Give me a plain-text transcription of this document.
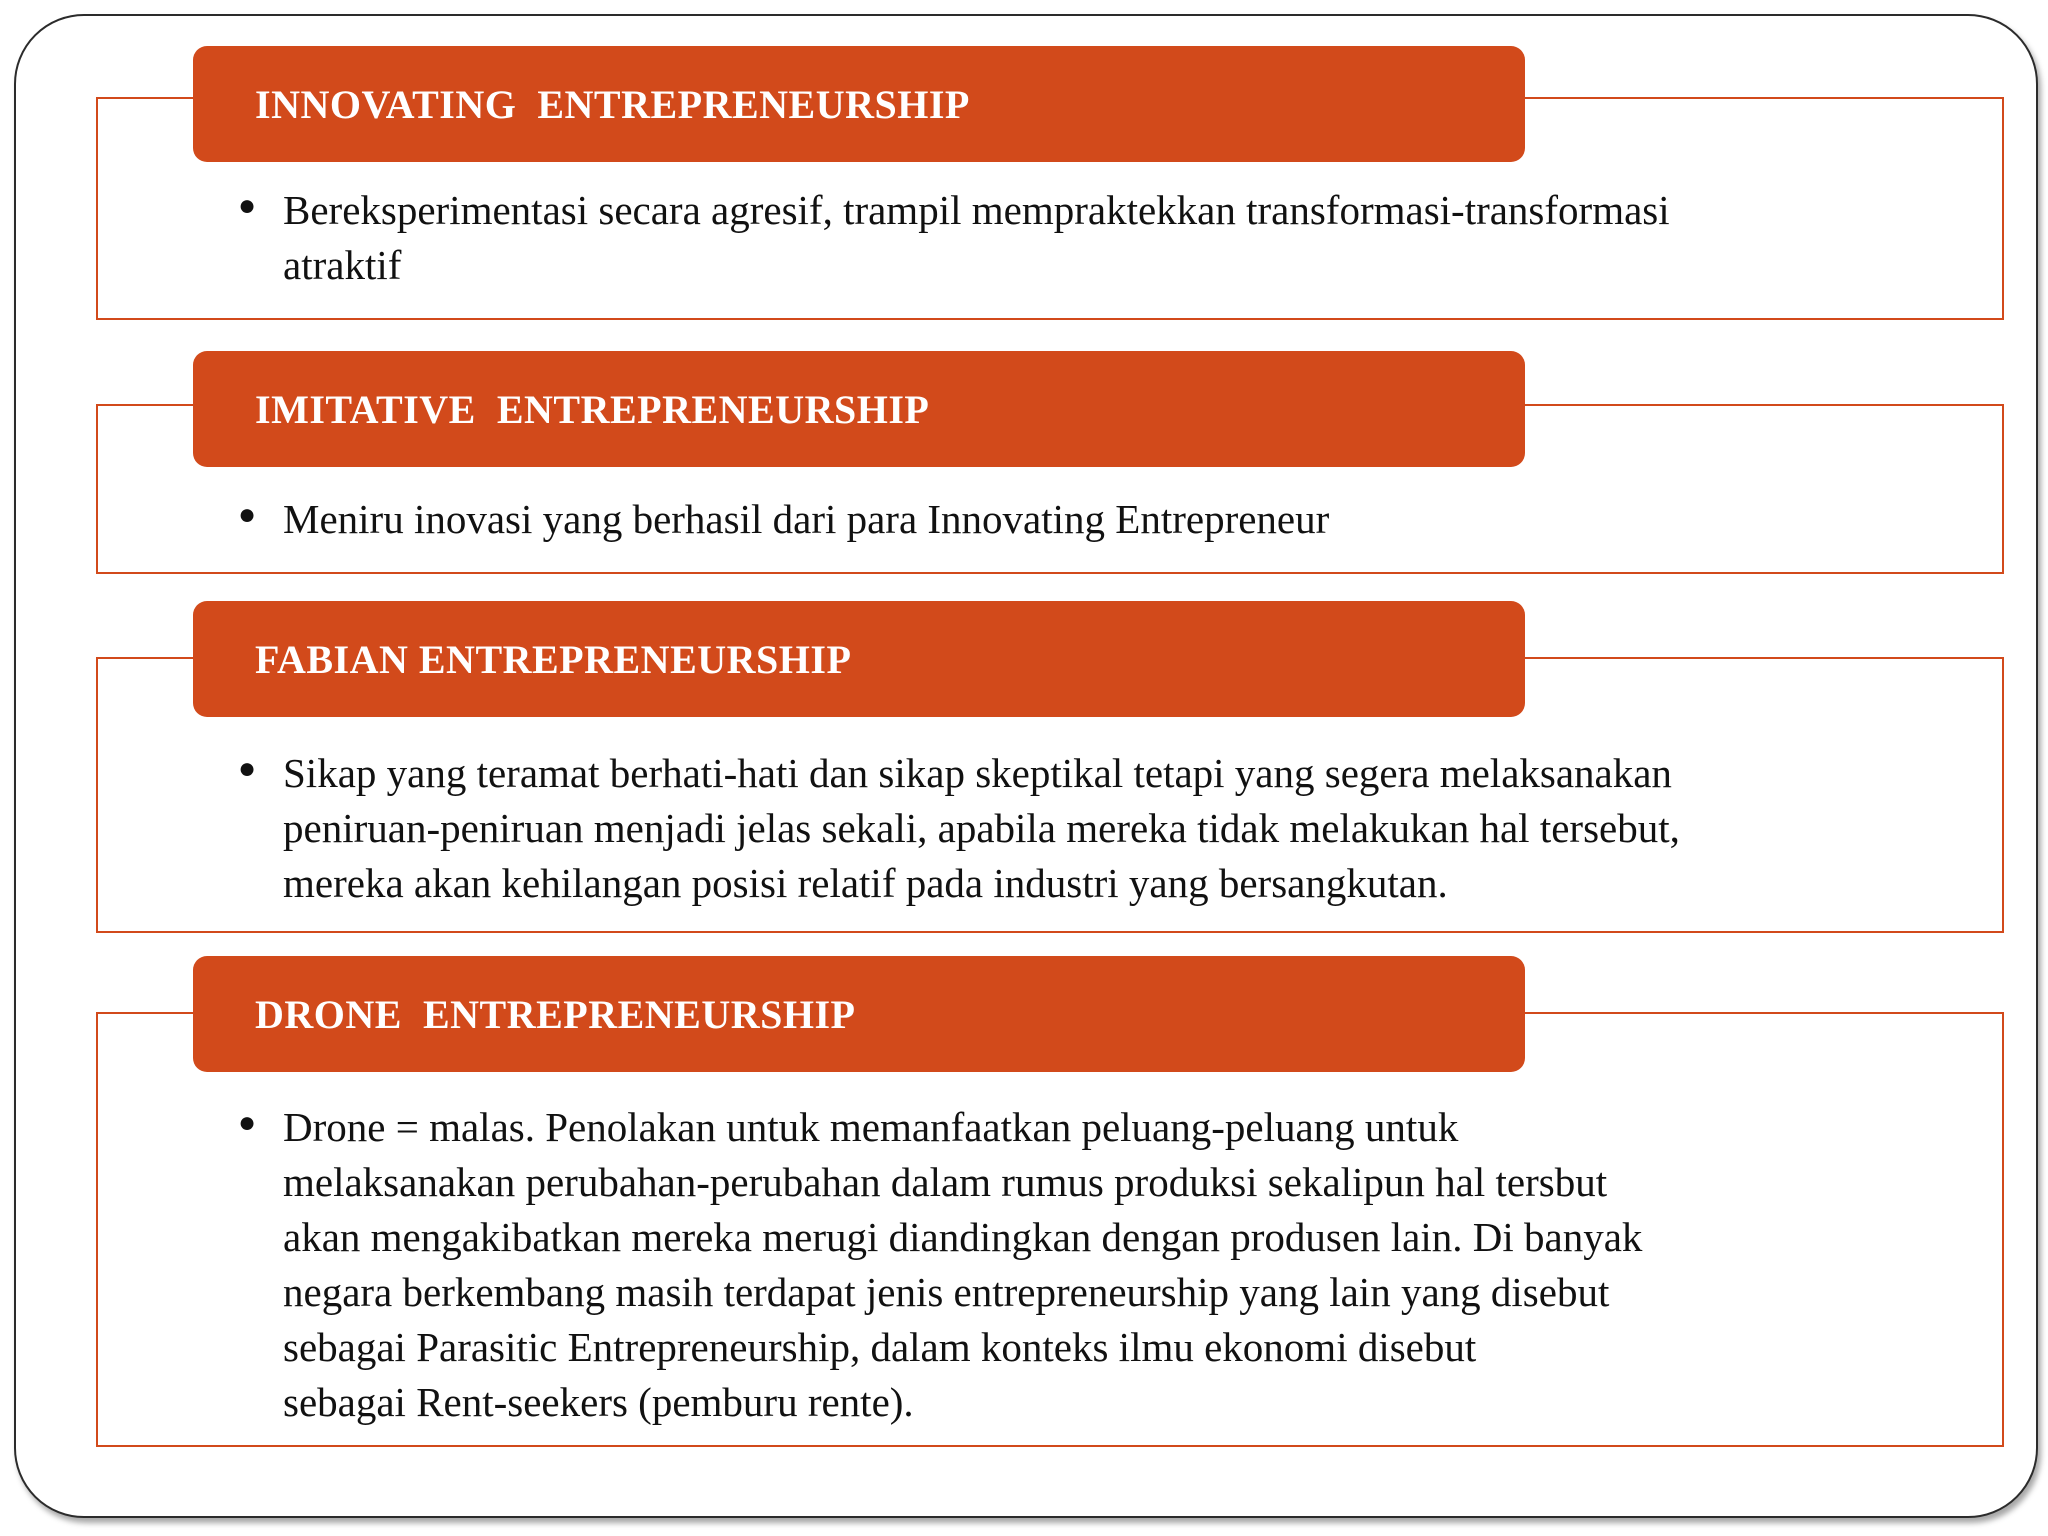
INNOVATING  ENTREPRENEURSHIP
● Bereksperimentasi secara agresif, trampil mempraktekkan transformasi-transformasi
atraktif
IMITATIVE  ENTREPRENEURSHIP
● Meniru inovasi yang berhasil dari para Innovating Entrepreneur
FABIAN ENTREPRENEURSHIP
● Sikap yang teramat berhati-hati dan sikap skeptikal tetapi yang segera melaksanakan
peniruan-peniruan menjadi jelas sekali, apabila mereka tidak melakukan hal tersebut,
mereka akan kehilangan posisi relatif pada industri yang bersangkutan.
DRONE  ENTREPRENEURSHIP
● Drone = malas. Penolakan untuk memanfaatkan peluang-peluang untuk
melaksanakan perubahan-perubahan dalam rumus produksi sekalipun hal tersbut
akan mengakibatkan mereka merugi diandingkan dengan produsen lain. Di banyak
negara berkembang masih terdapat jenis entrepreneurship yang lain yang disebut
sebagai Parasitic Entrepreneurship, dalam konteks ilmu ekonomi disebut
sebagai Rent-seekers (pemburu rente).
